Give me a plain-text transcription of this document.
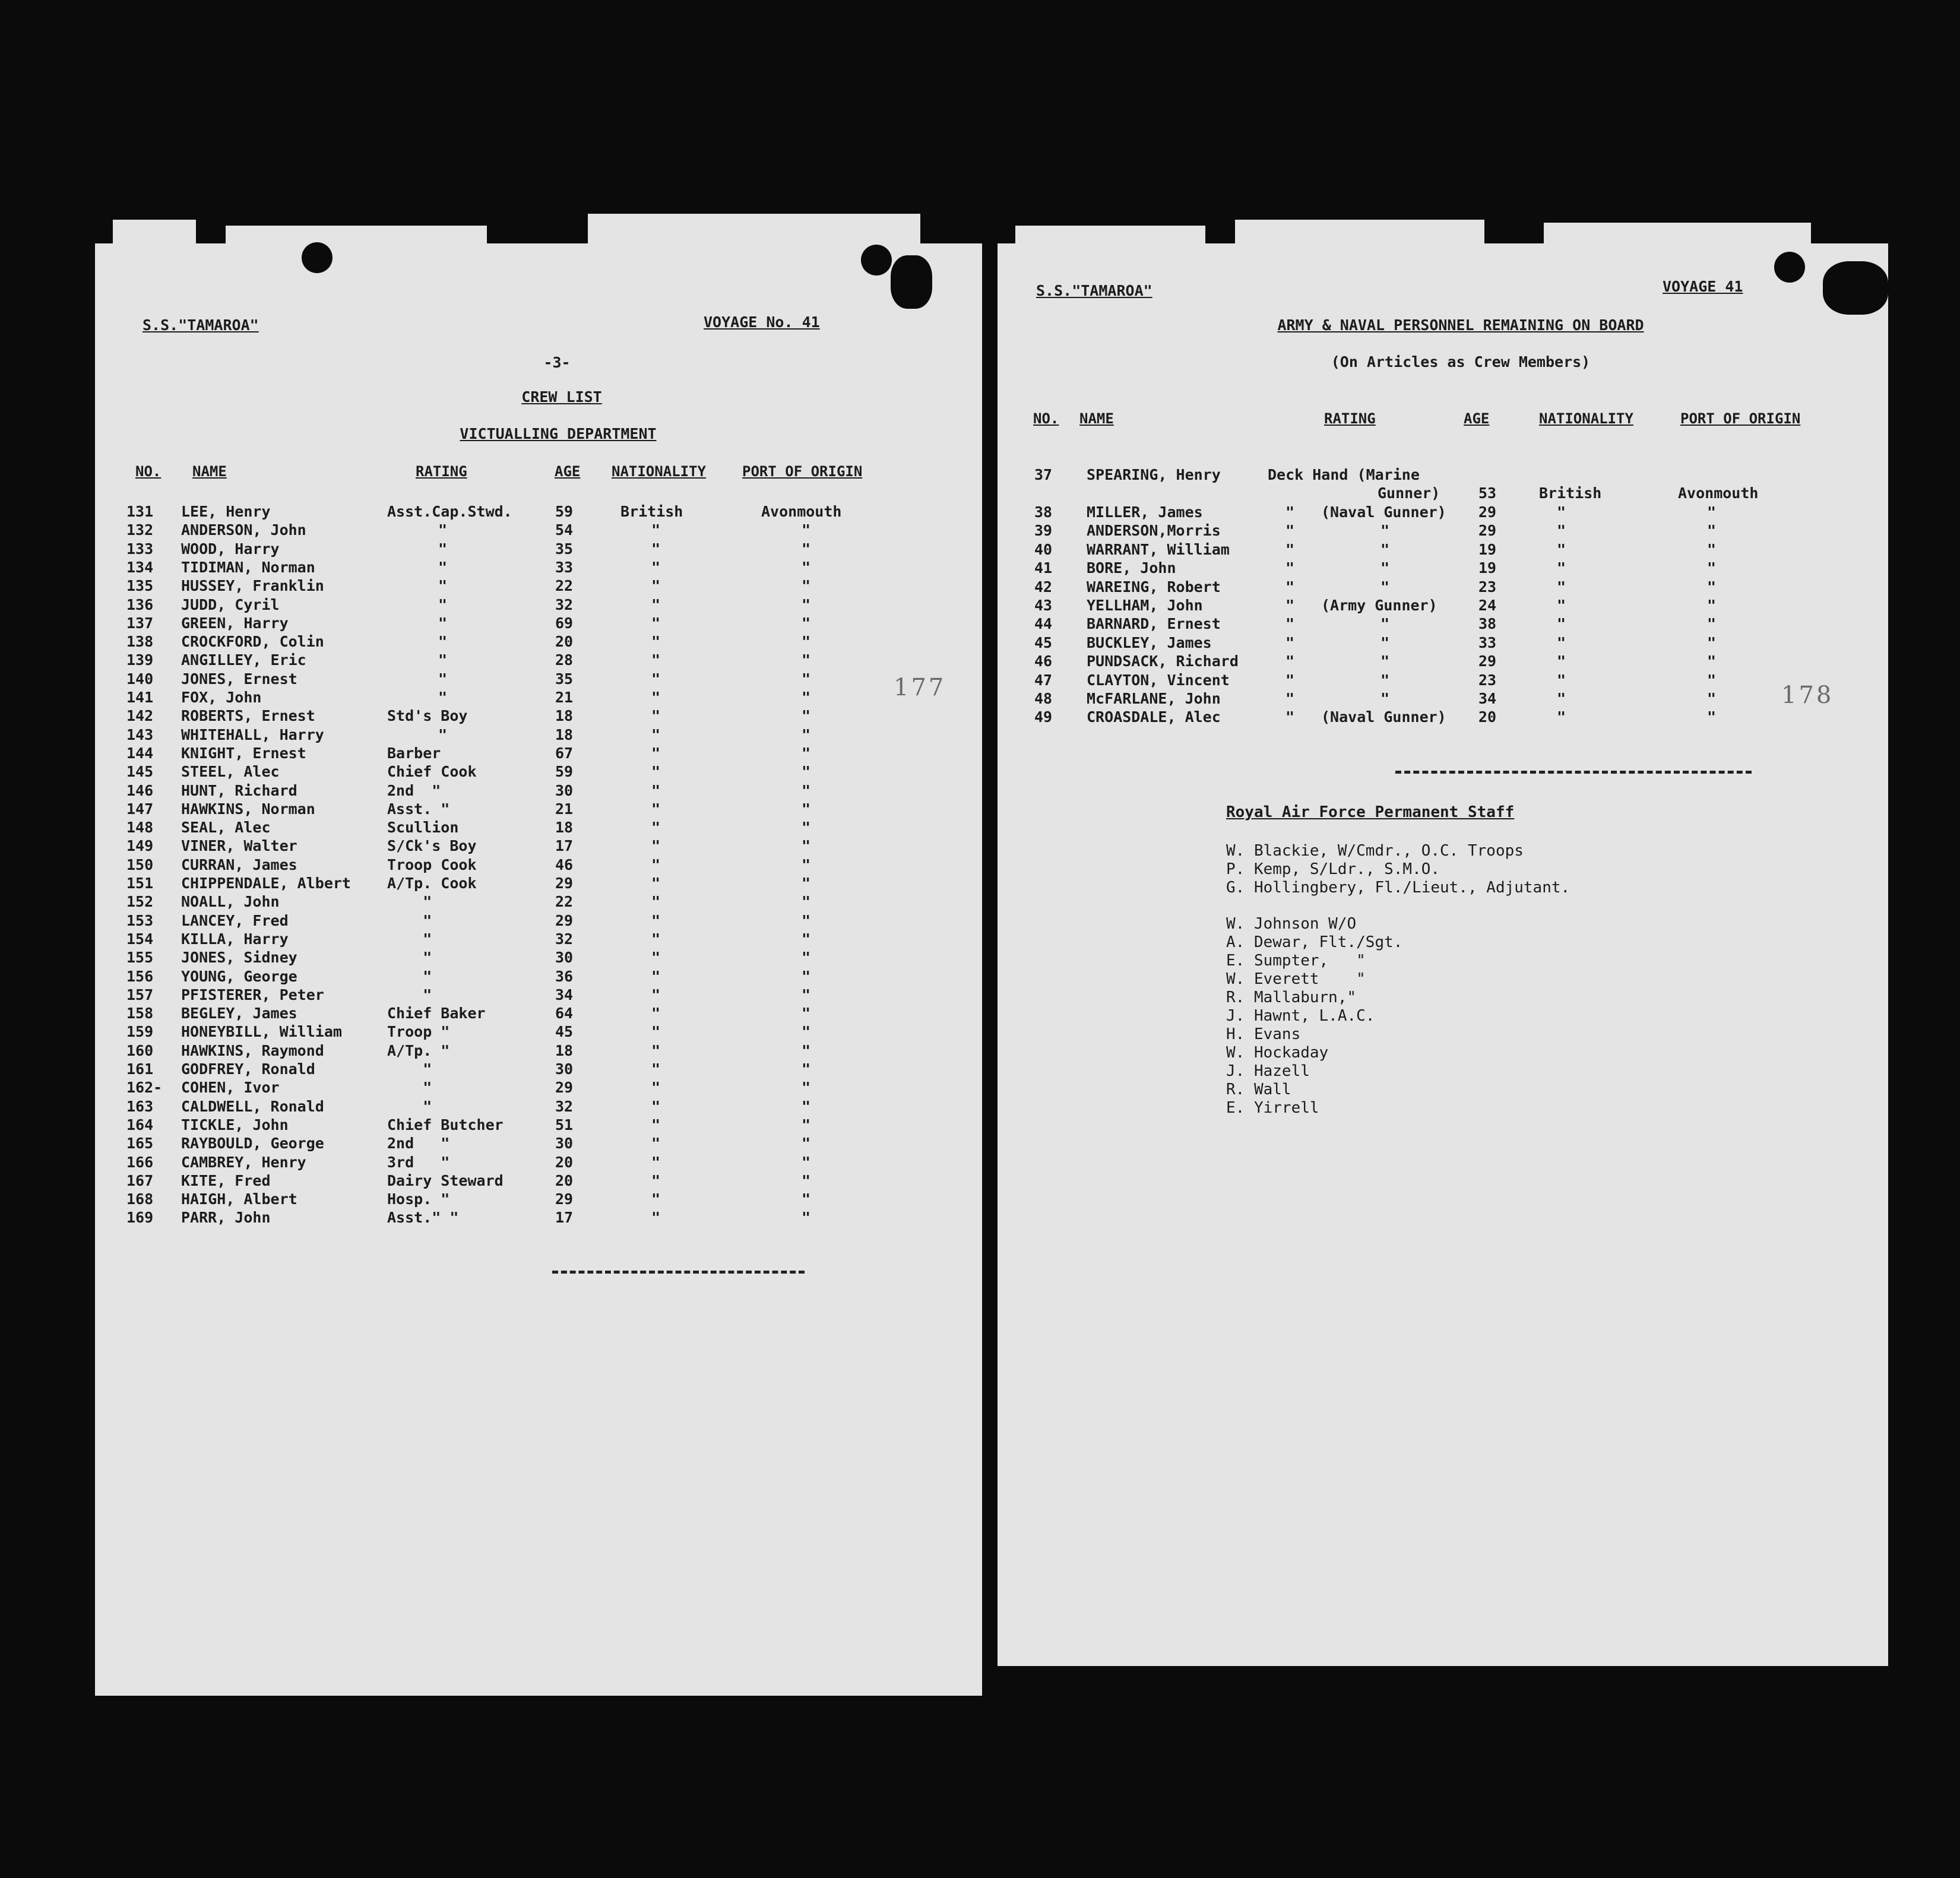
S.S."TAMAROA"	VOYAGE No. 41
-3-
CREW LIST
VICTUALLING DEPARTMENT
NO. NAME	RATING	AGE NATIONALITY	PORT OF ORIGIN
131 LEE, Henry	Asst.Cap.Stwd.	59	British	Avonmouth
132 ANDERSON, John	"	54	"	"
133 WOOD, Harry	"	35	"	"
134 TIDIMAN, Norman	"	33	"	"
135 HUSSEY, Franklin	"	22	"	"
136 JUDD, Cyril	"	32	"	"
137 GREEN, Harry	"	69	"	"
138 CROCKFORD, Colin	"	20	"	"
139 ANGILLEY, Eric	"	28	"	"
140 JONES, Ernest	"	35	"	"
141 FOX, John	"	21	"	"
142 ROBERTS, Ernest	Std's Boy	18	"	"
143 WHITEHALL, Harry	"	18	"	"
144 KNIGHT, Ernest	Barber	67	"	"
145 STEEL, Alec	Chief Cook	59	"	"
146 HUNT, Richard	2nd  "	30	"	"
147 HAWKINS, Norman	Asst. "	21	"	"
148 SEAL, Alec	Scullion	18	"	"
149 VINER, Walter	S/Ck's Boy	17	"	"
150 CURRAN, James	Troop Cook	46	"	"
151 CHIPPENDALE, Albert A/Tp. Cook	29	"	"
152 NOALL, John	"	22	"	"
153 LANCEY, Fred	"	29	"	"
154 KILLA, Harry	"	32	"	"
155 JONES, Sidney	"	30	"	"
156 YOUNG, George	"	36	"	"
157 PFISTERER, Peter	"	34	"	"
158 BEGLEY, James	Chief Baker	64	"	"
159 HONEYBILL, William	Troop "	45	"	"
160 HAWKINS, Raymond	A/Tp. "	18	"	"
161 GODFREY, Ronald	"	30	"	"
162- COHEN, Ivor	"	29	"	"
163 CALDWELL, Ronald	"	32	"	"
164 TICKLE, John	Chief Butcher	51	"	"
165 RAYBOULD, George	2nd   "	30	"	"
166 CAMBREY, Henry	3rd   "	20	"	"
167 KITE, Fred	Dairy Steward	20	"	"
168 HAIGH, Albert	Hosp. "	29	"	"
169 PARR, John	Asst." "	17	"	"
177
S.S."TAMAROA"	VOYAGE 41
ARMY & NAVAL PERSONNEL REMAINING ON BOARD
(On Articles as Crew Members)
NO. NAME	RATING	AGE	NATIONALITY	PORT OF ORIGIN
37 SPEARING, Henry	Deck Hand (Marine
Gunner)	53	British	Avonmouth
38 MILLER, James	" (Naval Gunner) 29	"	"
39 ANDERSON,Morris	"	"	29	"	"
40 WARRANT, William	"	"	19	"	"
41 BORE, John	"	"	19	"	"
42 WAREING, Robert	"	"	23	"	"
43 YELLHAM, John	" (Army Gunner)	24	"	"
44 BARNARD, Ernest	"	"	38	"	"
45 BUCKLEY, James	"	"	33	"	"
46 PUNDSACK, Richard	"	"	29	"	"
47 CLAYTON, Vincent	"	"	23	"	"
48 McFARLANE, John	"	"	34	"	"
49 CROASDALE, Alec	" (Naval Gunner) 20	"	"
178
Royal Air Force Permanent Staff
W. Blackie, W/Cmdr., O.C. Troops
P. Kemp, S/Ldr., S.M.O.
G. Hollingbery, Fl./Lieut., Adjutant.
W. Johnson W/O
A. Dewar, Flt./Sgt.
E. Sumpter,   "
W. Everett    "
R. Mallaburn,"
J. Hawnt, L.A.C.
H. Evans
W. Hockaday
J. Hazell
R. Wall
E. Yirrell
